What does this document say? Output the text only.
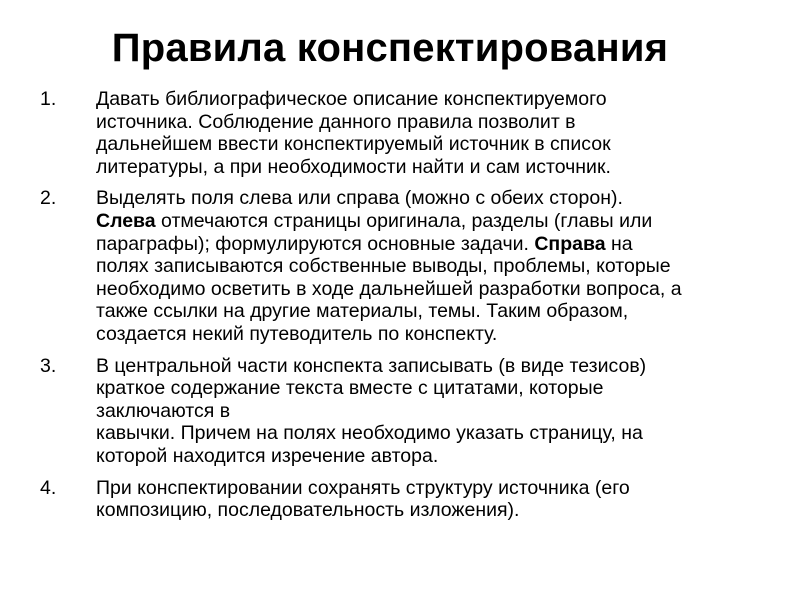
Правила конспектирования
1. Давать библиографическое описание конспектируемого
источника. Соблюдение данного правила позволит в
дальнейшем ввести конспектируемый источник в список
литературы, а при необходимости найти и сам источник.
2. Выделять поля слева или справа (можно с обеих сторон).
Слева отмечаются страницы оригинала, разделы (главы или
параграфы); формулируются основные задачи. Справа на
полях записываются собственные выводы, проблемы, которые
необходимо осветить в ходе дальнейшей разработки вопроса, а
также ссылки на другие материалы, темы. Таким образом,
создается некий путеводитель по конспекту.
3. В центральной части конспекта записывать (в виде тезисов)
краткое содержание текста вместе с цитатами, которые
заключаются в
кавычки. Причем на полях необходимо указать страницу, на
которой находится изречение автора.
4. При конспектировании сохранять структуру источника (его
композицию, последовательность изложения).
